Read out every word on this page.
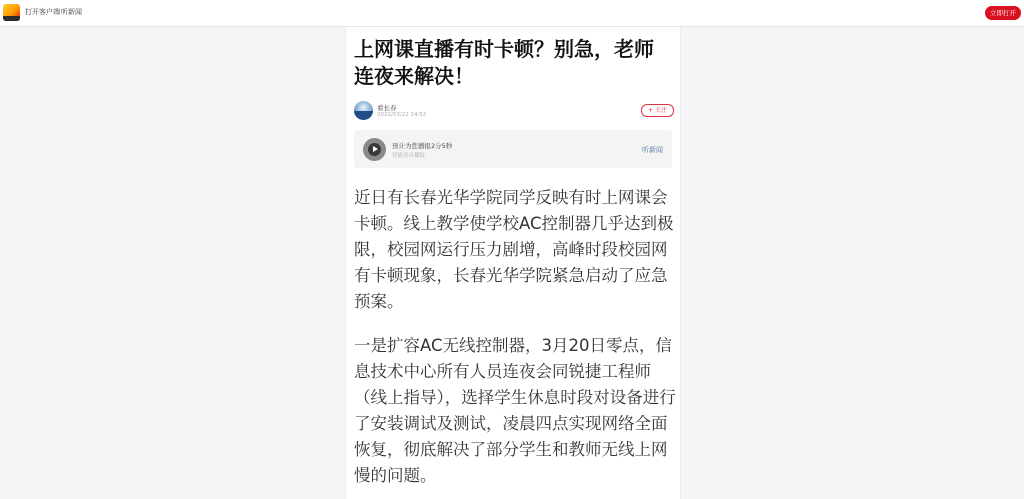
打开客户端 听新闻	立即打开
上网课直播有时卡顿？别急，老师连夜来解决！
看长春
2022/03/22 14:52
+ 关注
预计为您播报2分5秒
智能语音播报
听新闻
近日有长春光华学院同学反映有时上网课会卡顿。线上教学使学校AC控制器几乎达到极限，校园网运行压力剧增，高峰时段校园网有卡顿现象，长春光华学院紧急启动了应急预案。
一是扩容AC无线控制器，3月20日零点，信息技术中心所有人员连夜会同锐捷工程师（线上指导），选择学生休息时段对设备进行了安装调试及测试，凌晨四点实现网络全面恢复，彻底解决了部分学生和教师无线上网慢的问题。
